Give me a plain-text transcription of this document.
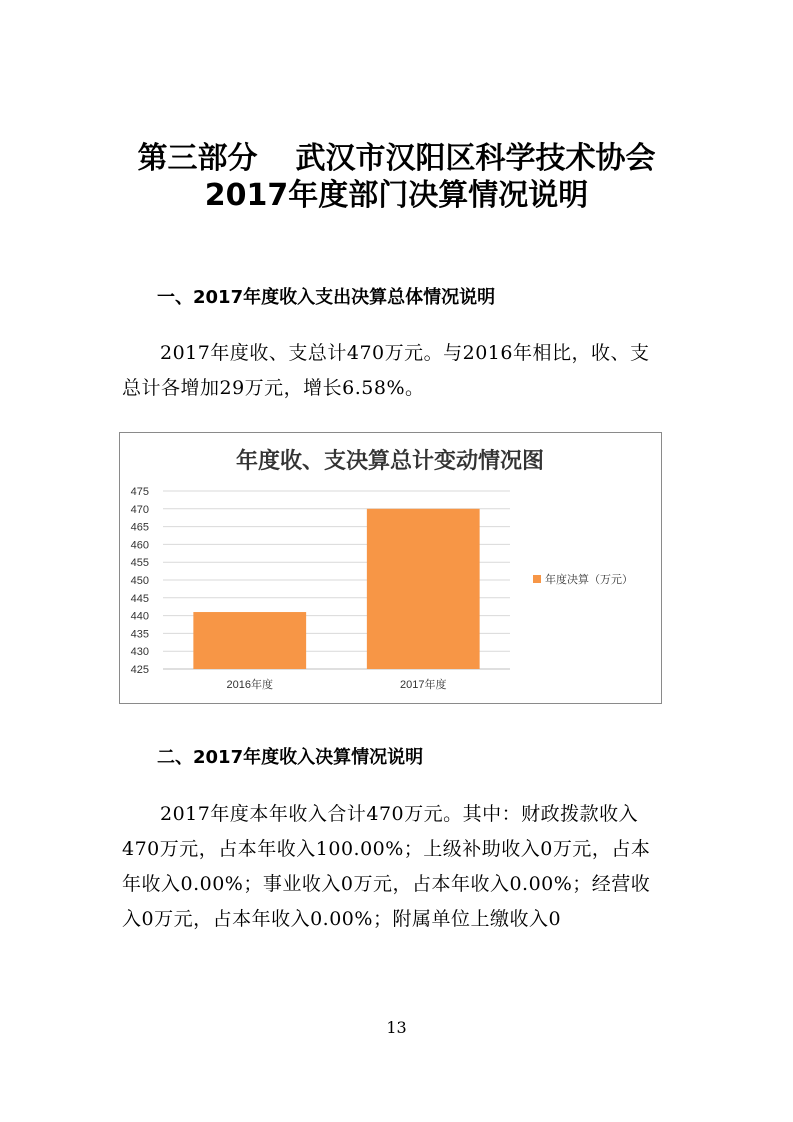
第三部分 武汉市汉阳区科学技术协会
2017年度部门决算情况说明
一、2017年度收入支出决算总体情况说明

2017年度收、支总计470万元。与2016年相比，收、支总计各增加29万元，增长6.58%。

年度收、支决算总计变动情况图
475
470
465
460
455
450
445
440
435
430
425
2016年度	2017年度
年度决算（万元）
二、2017年度收入决算情况说明

2017年度本年收入合计470万元。其中：财政拨款收入470万元，占本年收入100.00%；上级补助收入0万元，占本年收入0.00%；事业收入0万元，占本年收入0.00%；经营收入0万元，占本年收入0.00%；附属单位上缴收入0

13
